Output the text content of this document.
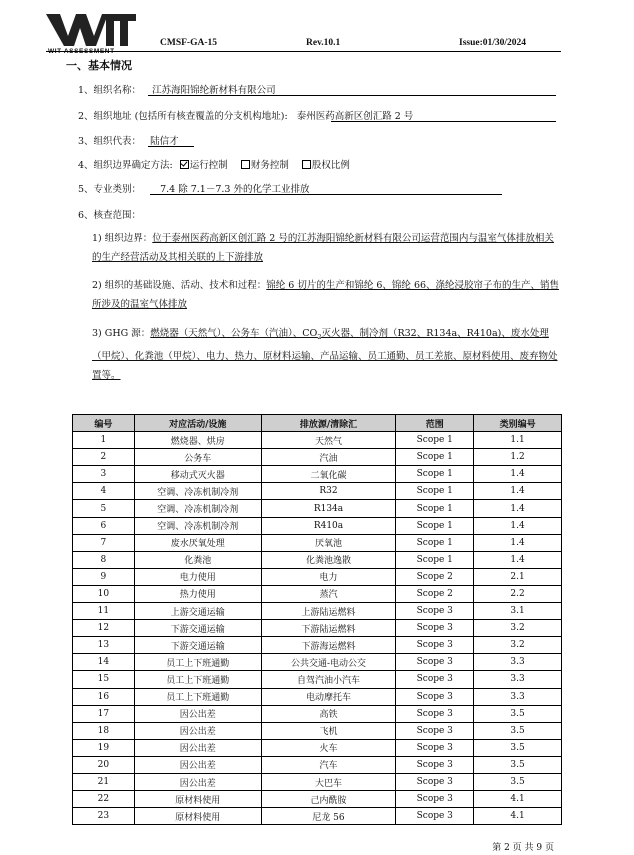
WIT ASSESSMENT
CMSF-GA-15	Rev.10.1	Issue:01/30/2024
一、基本情况
1、组织名称： 江苏海阳锦纶新材料有限公司
2、组织地址 (包括所有核查覆盖的分支机构地址): 泰州医药高新区创汇路 2 号
3、组织代表： 陆信才
4、组织边界确定方法: 运行控制 财务控制 股权比例
5、专业类别： 7.4 除 7.1－7.3 外的化学工业排放
6、核查范围：
1) 组织边界：位于泰州医药高新区创汇路 2 号的江苏海阳锦纶新材料有限公司运营范围内与温室气体排放相关的生产经营活动及其相关联的上下游排放
2) 组织的基础设施、活动、技术和过程：锦纶 6 切片的生产和锦纶 6、锦纶 66、涤纶浸胶帘子布的生产、销售所涉及的温室气体排放
3) GHG 源：燃烧器（天然气）、公务车（汽油）、$CO_2$灭火器、制冷剂（R32、R134a、R410a)、废水处理（甲烷）、化粪池（甲烷）、电力、热力、原材料运输、产品运输、员工通勤、员工差旅、原材料使用、废弃物处置等。
编号	对应活动/设施	排放源/清除汇	范围	类别编号
1	燃烧器、烘房	天然气	Scope 1	1.1
2	公务车	汽油	Scope 1	1.2
3	移动式灭火器	二氧化碳	Scope 1	1.4
4	空调、冷冻机制冷剂	R32	Scope 1	1.4
5	空调、冷冻机制冷剂	R134a	Scope 1	1.4
6	空调、冷冻机制冷剂	R410a	Scope 1	1.4
7	废水厌氧处理	厌氧池	Scope 1	1.4
8	化粪池	化粪池逸散	Scope 1	1.4
9	电力使用	电力	Scope 2	2.1
10	热力使用	蒸汽	Scope 2	2.2
11	上游交通运输	上游陆运燃料	Scope 3	3.1
12	下游交通运输	下游陆运燃料	Scope 3	3.2
13	下游交通运输	下游海运燃料	Scope 3	3.2
14	员工上下班通勤	公共交通-电动公交	Scope 3	3.3
15	员工上下班通勤	自驾汽油小汽车	Scope 3	3.3
16	员工上下班通勤	电动摩托车	Scope 3	3.3
17	因公出差	高铁	Scope 3	3.5
18	因公出差	飞机	Scope 3	3.5
19	因公出差	火车	Scope 3	3.5
20	因公出差	汽车	Scope 3	3.5
21	因公出差	大巴车	Scope 3	3.5
22	原材料使用	己内酰胺	Scope 3	4.1
23	原材料使用	尼龙 56	Scope 3	4.1
第 2 页 共 9 页
